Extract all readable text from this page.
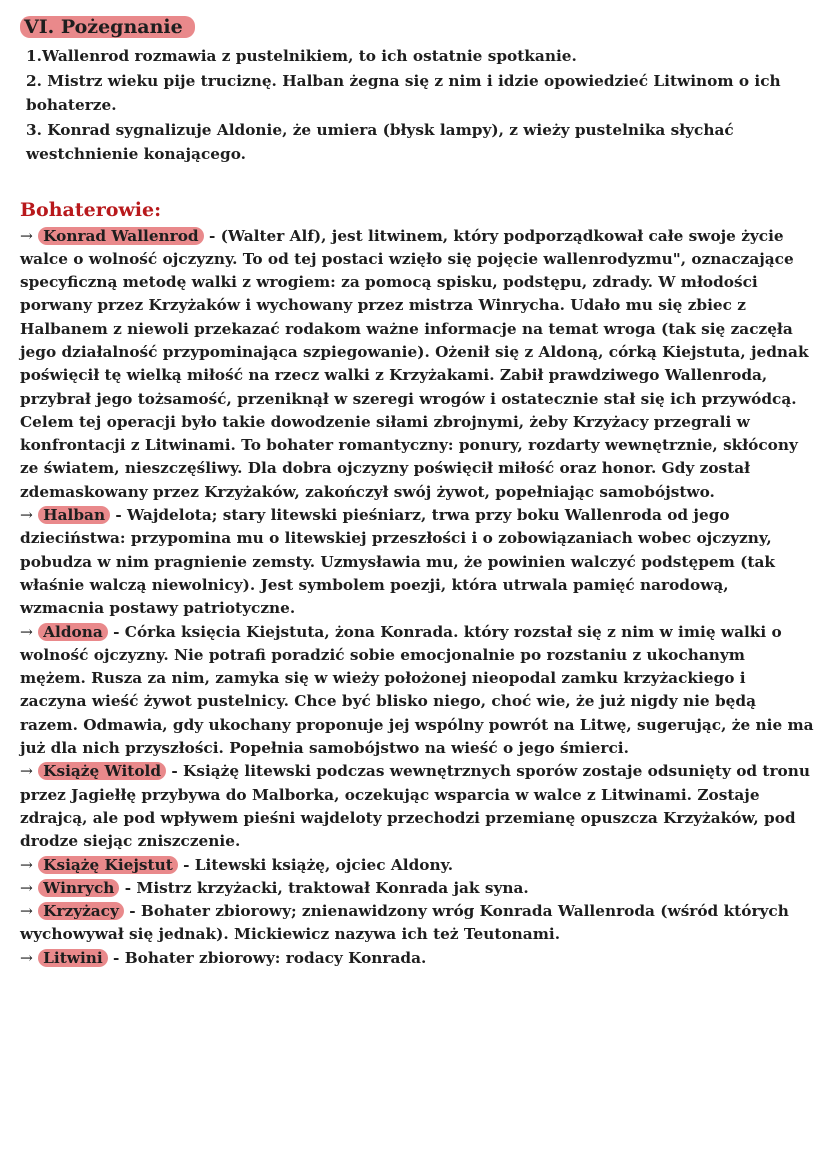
VI. Pożegnanie

1.Wallenrod rozmawia z pustelnikiem, to ich ostatnie spotkanie.

2. Mistrz wieku pije truciznę. Halban żegna się z nim i idzie opowiedzieć Litwinom o ich bohaterze.

3. Konrad sygnalizuje Aldonie, że umiera (błysk lampy), z wieży pustelnika słychać westchnienie konającego.

Bohaterowie:

→ Konrad Wallenrod - (Walter Alf), jest litwinem, który podporządkował całe swoje życie walce o wolność ojczyzny. To od tej postaci wzięło się pojęcie wallenrodyzmu", oznaczające specyficzną metodę walki z wrogiem: za pomocą spisku, podstępu, zdrady. W młodości porwany przez Krzyżaków i wychowany przez mistrza Winrycha. Udało mu się zbiec z Halbanem z niewoli przekazać rodakom ważne informacje na temat wroga (tak się zaczęła jego działalność przypominająca szpiegowanie). Ożenił się z Aldoną, córką Kiejstuta, jednak poświęcił tę wielką miłość na rzecz walki z Krzyżakami. Zabił prawdziwego Wallenroda, przybrał jego tożsamość, przeniknął w szeregi wrogów i ostatecznie stał się ich przywódcą. Celem tej operacji było takie dowodzenie siłami zbrojnymi, żeby Krzyżacy przegrali w konfrontacji z Litwinami. To bohater romantyczny: ponury, rozdarty wewnętrznie, skłócony ze światem, nieszczęśliwy. Dla dobra ojczyzny poświęcił miłość oraz honor. Gdy został zdemaskowany przez Krzyżaków, zakończył swój żywot, popełniając samobójstwo.

→ Halban - Wajdelota; stary litewski pieśniarz, trwa przy boku Wallenroda od jego dzieciństwa: przypomina mu o litewskiej przeszłości i o zobowiązaniach wobec ojczyzny, pobudza w nim pragnienie zemsty. Uzmysławia mu, że powinien walczyć podstępem (tak właśnie walczą niewolnicy). Jest symbolem poezji, która utrwala pamięć narodową, wzmacnia postawy patriotyczne.

→ Aldona - Córka księcia Kiejstuta, żona Konrada. który rozstał się z nim w imię walki o wolność ojczyzny. Nie potrafi poradzić sobie emocjonalnie po rozstaniu z ukochanym mężem. Rusza za nim, zamyka się w wieży położonej nieopodal zamku krzyżackiego i zaczyna wieść żywot pustelnicy. Chce być blisko niego, choć wie, że już nigdy nie będą razem. Odmawia, gdy ukochany proponuje jej wspólny powrót na Litwę, sugerując, że nie ma już dla nich przyszłości. Popełnia samobójstwo na wieść o jego śmierci.

→ Książę Witold - Książę litewski podczas wewnętrznych sporów zostaje odsunięty od tronu przez Jagiełłę przybywa do Malborka, oczekując wsparcia w walce z Litwinami. Zostaje zdrajcą, ale pod wpływem pieśni wajdeloty przechodzi przemianę opuszcza Krzyżaków, pod drodze siejąc zniszczenie.

→ Książę Kiejstut - Litewski książę, ojciec Aldony.

→ Winrych - Mistrz krzyżacki, traktował Konrada jak syna.

→ Krzyżacy - Bohater zbiorowy; znienawidzony wróg Konrada Wallenroda (wśród których wychowywał się jednak). Mickiewicz nazywa ich też Teutonami.

→ Litwini - Bohater zbiorowy: rodacy Konrada.
